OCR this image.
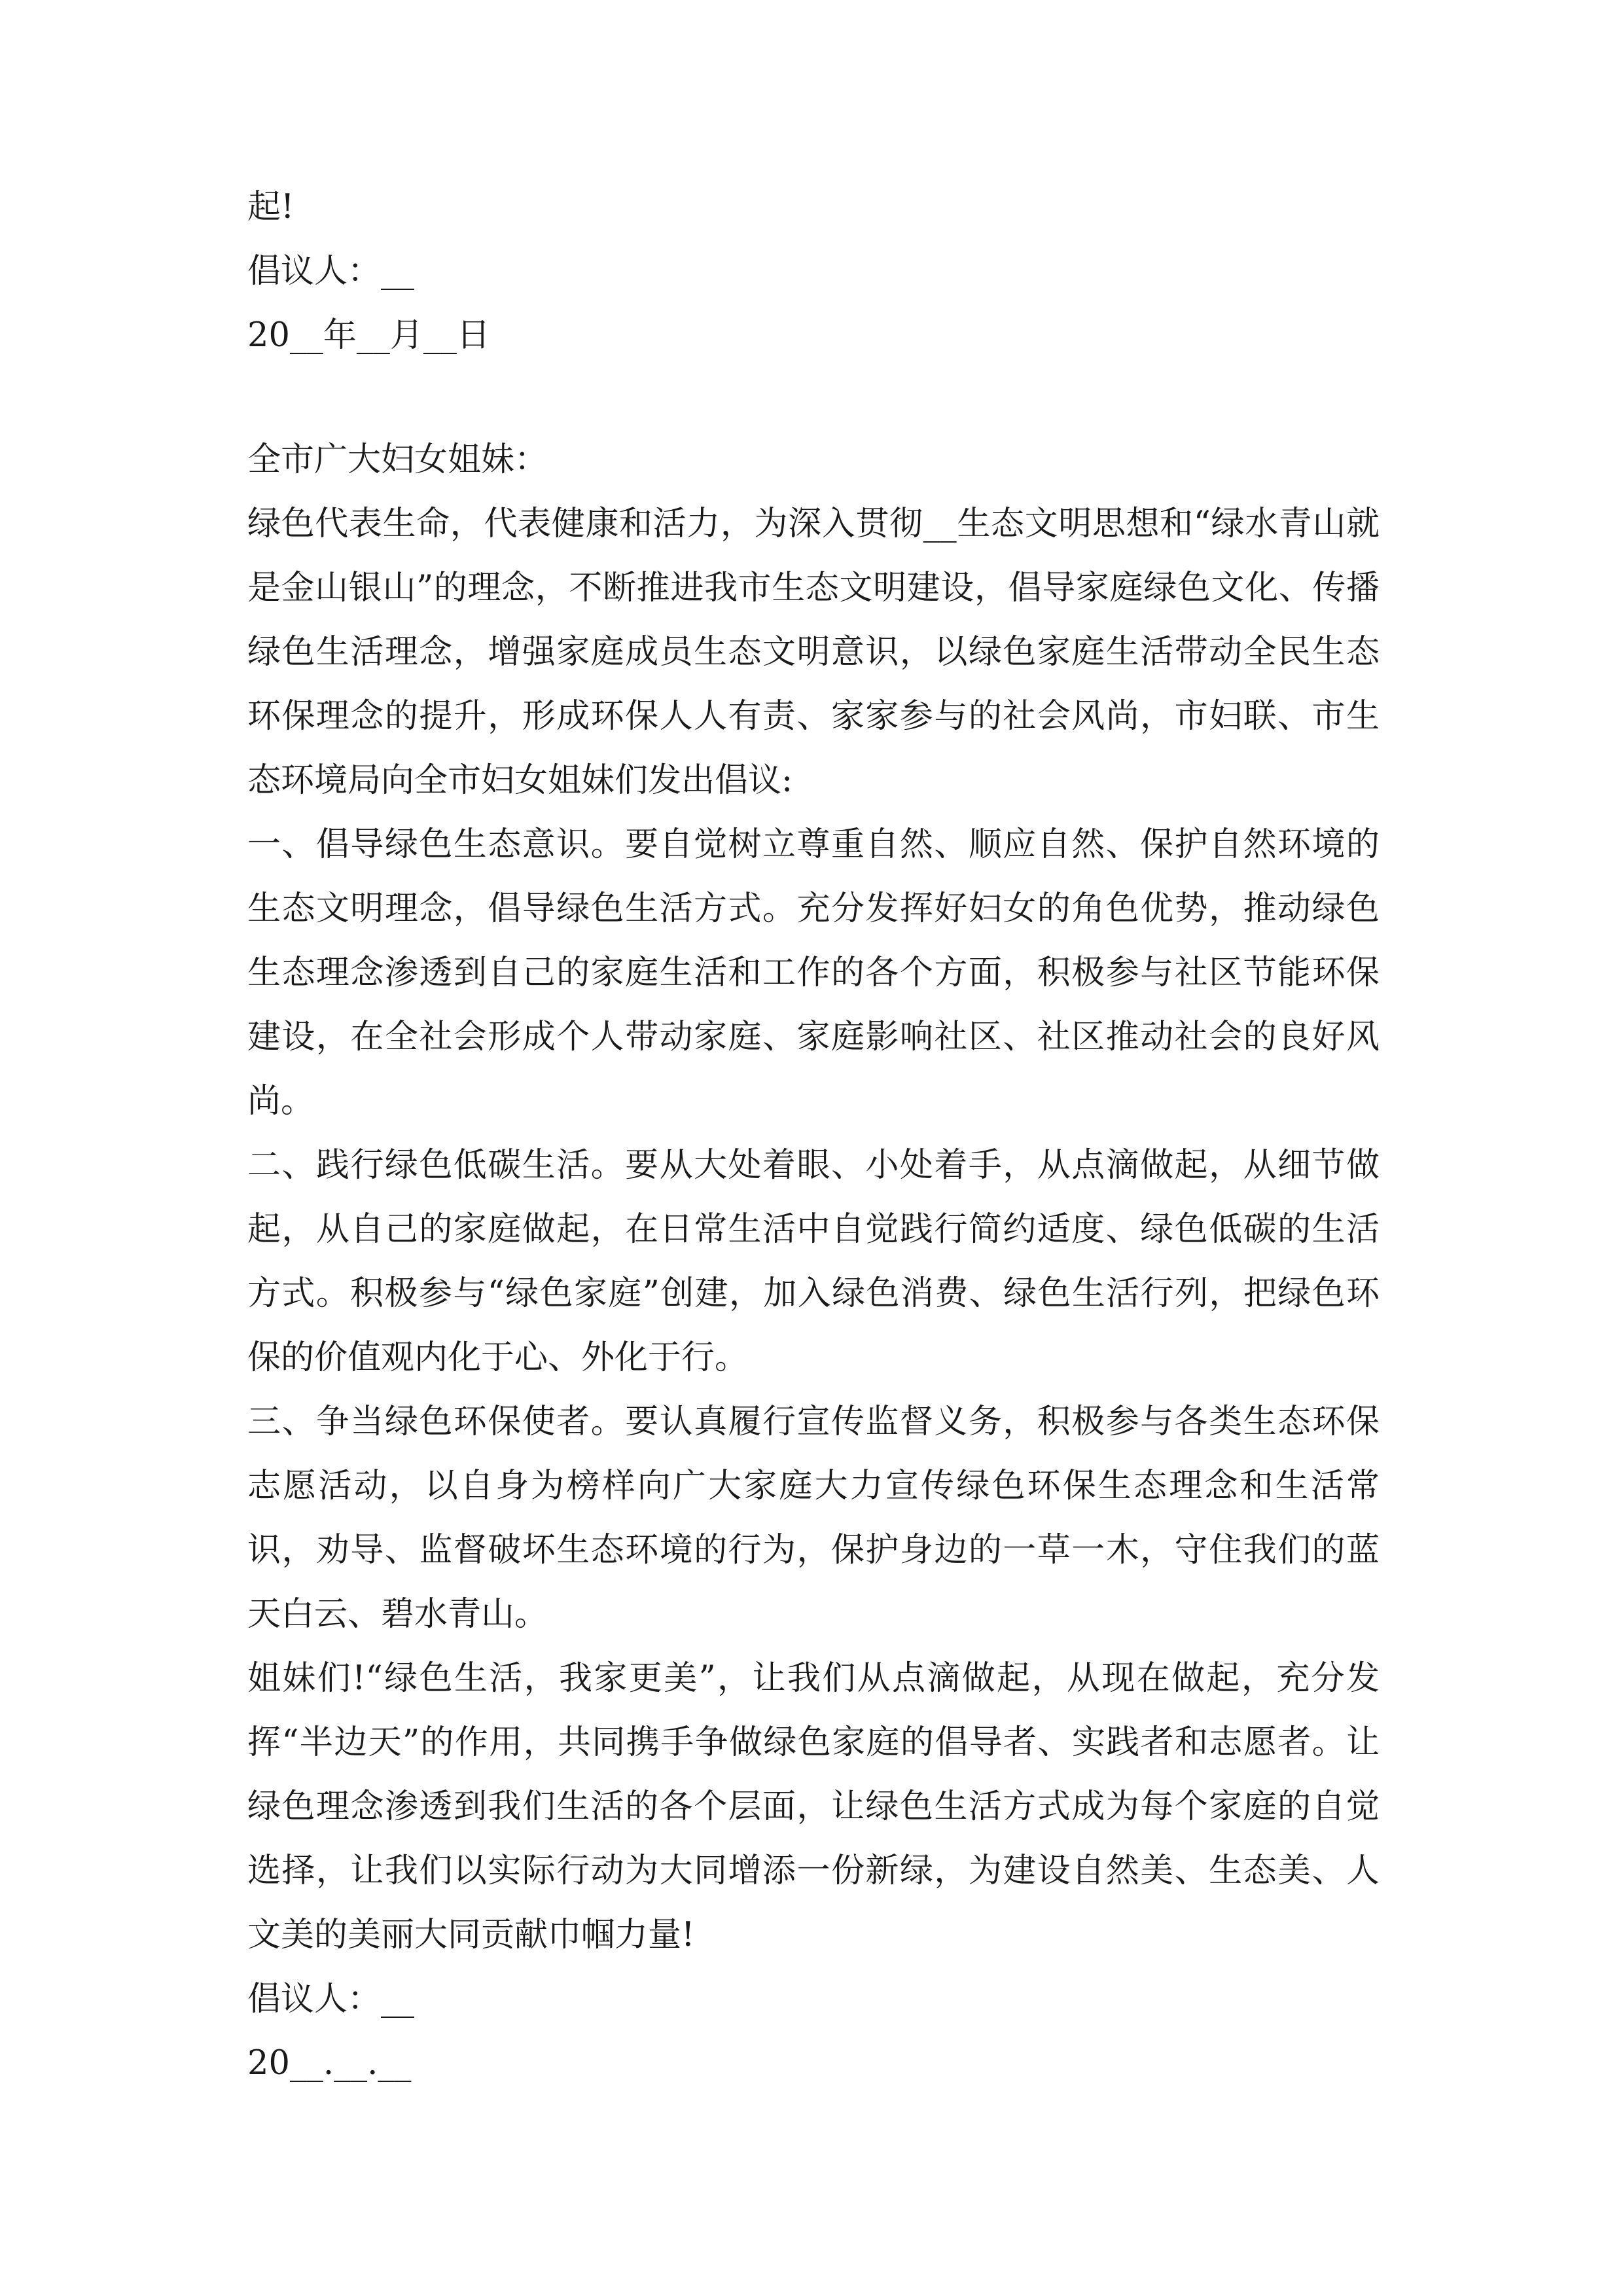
起!

倡议人：__

20__年__月__日

全市广大妇女姐妹：

绿色代表生命，代表健康和活力，为深入贯彻__生态文明思想和“绿水青山就是金山银山”的理念，不断推进我市生态文明建设，倡导家庭绿色文化、传播绿色生活理念，增强家庭成员生态文明意识，以绿色家庭生活带动全民生态环保理念的提升，形成环保人人有责、家家参与的社会风尚，市妇联、市生态环境局向全市妇女姐妹们发出倡议:

一、倡导绿色生态意识。要自觉树立尊重自然、顺应自然、保护自然环境的生态文明理念，倡导绿色生活方式。充分发挥好妇女的角色优势，推动绿色生态理念渗透到自己的家庭生活和工作的各个方面，积极参与社区节能环保建设，在全社会形成个人带动家庭、家庭影响社区、社区推动社会的良好风尚。

二、践行绿色低碳生活。要从大处着眼、小处着手，从点滴做起，从细节做起，从自己的家庭做起，在日常生活中自觉践行简约适度、绿色低碳的生活方式。积极参与“绿色家庭”创建，加入绿色消费、绿色生活行列，把绿色环保的价值观内化于心、外化于行。

三、争当绿色环保使者。要认真履行宣传监督义务，积极参与各类生态环保志愿活动，以自身为榜样向广大家庭大力宣传绿色环保生态理念和生活常识，劝导、监督破坏生态环境的行为，保护身边的一草一木，守住我们的蓝天白云、碧水青山。

姐妹们!“绿色生活，我家更美”，让我们从点滴做起，从现在做起，充分发挥“半边天”的作用，共同携手争做绿色家庭的倡导者、实践者和志愿者。让绿色理念渗透到我们生活的各个层面，让绿色生活方式成为每个家庭的自觉选择，让我们以实际行动为大同增添一份新绿，为建设自然美、生态美、人文美的美丽大同贡献巾帼力量!

倡议人：__

20__.__.__
